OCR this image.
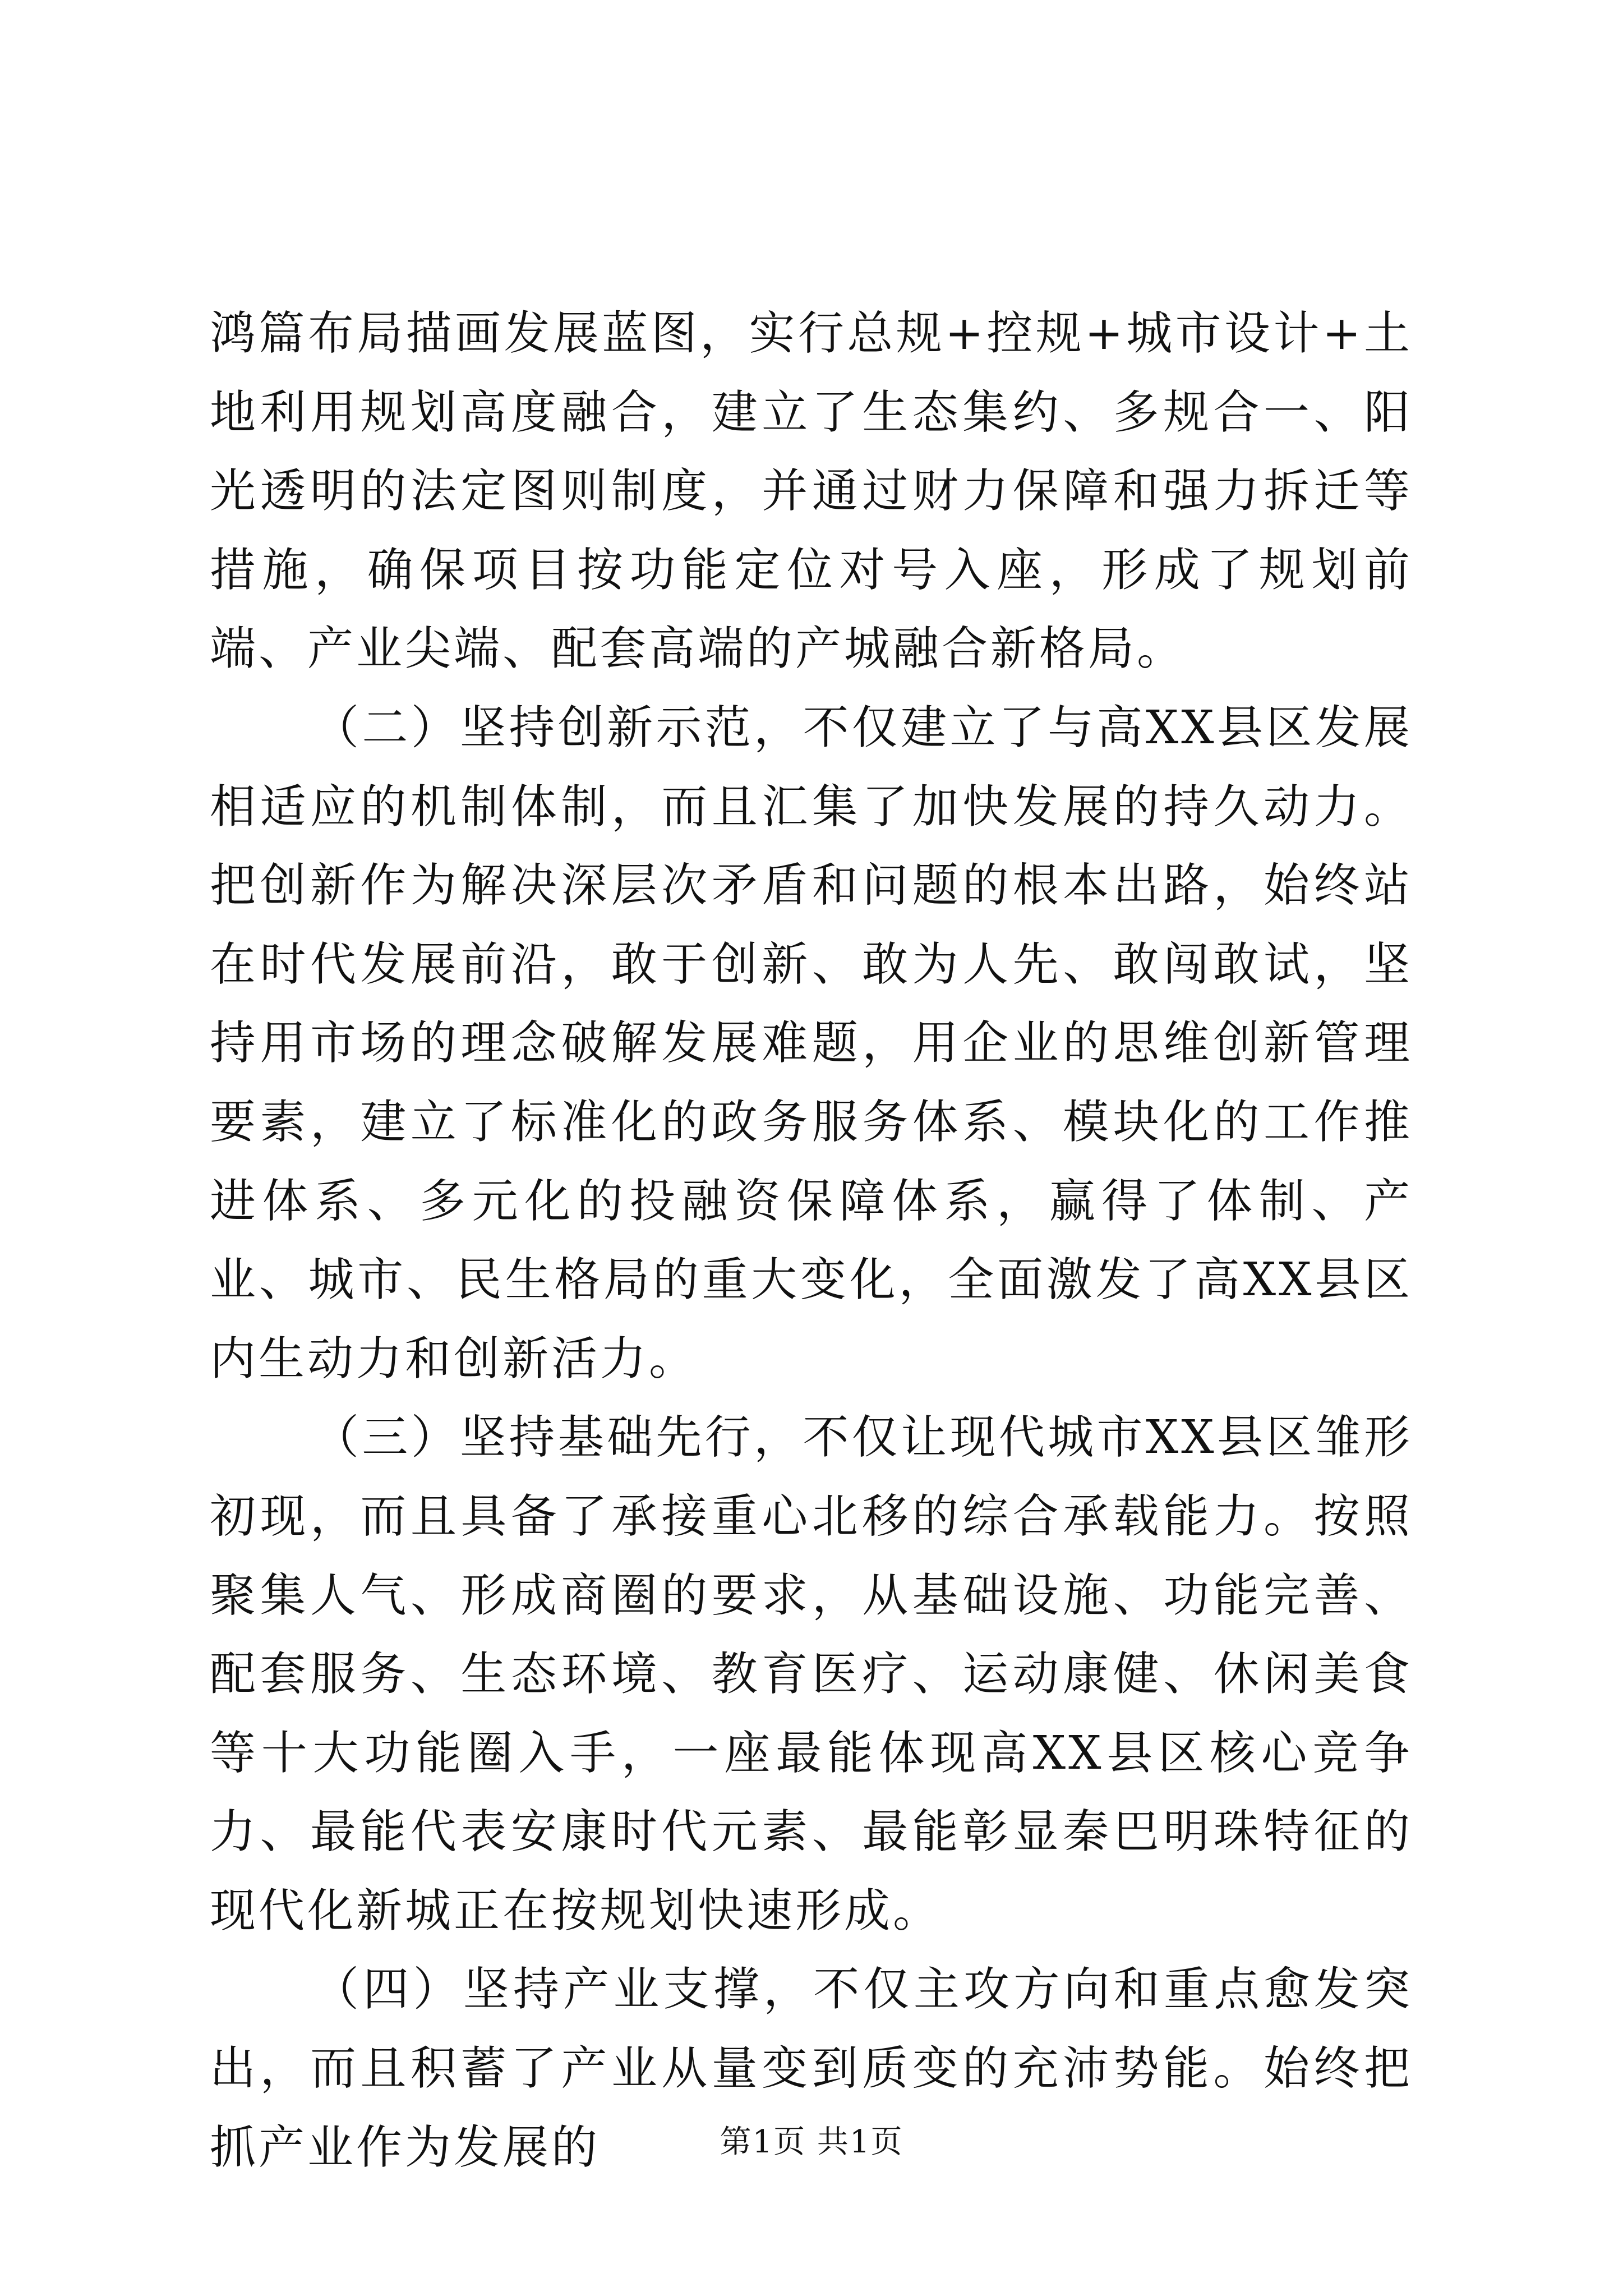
鸿篇布局描画发展蓝图，实行总规+控规+城市设计+土地利用规划高度融合，建立了生态集约、多规合一、阳光透明的法定图则制度，并通过财力保障和强力拆迁等措施，确保项目按功能定位对号入座，形成了规划前端、产业尖端、配套高端的产城融合新格局。

（二）坚持创新示范，不仅建立了与高XX县区发展相适应的机制体制，而且汇集了加快发展的持久动力。把创新作为解决深层次矛盾和问题的根本出路，始终站在时代发展前沿，敢于创新、敢为人先、敢闯敢试，坚持用市场的理念破解发展难题，用企业的思维创新管理要素，建立了标准化的政务服务体系、模块化的工作推进体系、多元化的投融资保障体系，赢得了体制、产业、城市、民生格局的重大变化，全面激发了高XX县区内生动力和创新活力。

（三）坚持基础先行，不仅让现代城市XX县区雏形初现，而且具备了承接重心北移的综合承载能力。按照聚集人气、形成商圈的要求，从基础设施、功能完善、配套服务、生态环境、教育医疗、运动康健、休闲美食等十大功能圈入手，一座最能体现高XX县区核心竞争力、最能代表安康时代元素、最能彰显秦巴明珠特征的现代化新城正在按规划快速形成。

（四）坚持产业支撑，不仅主攻方向和重点愈发突出，而且积蓄了产业从量变到质变的充沛势能。始终把抓产业作为发展的	第1页 共1页
